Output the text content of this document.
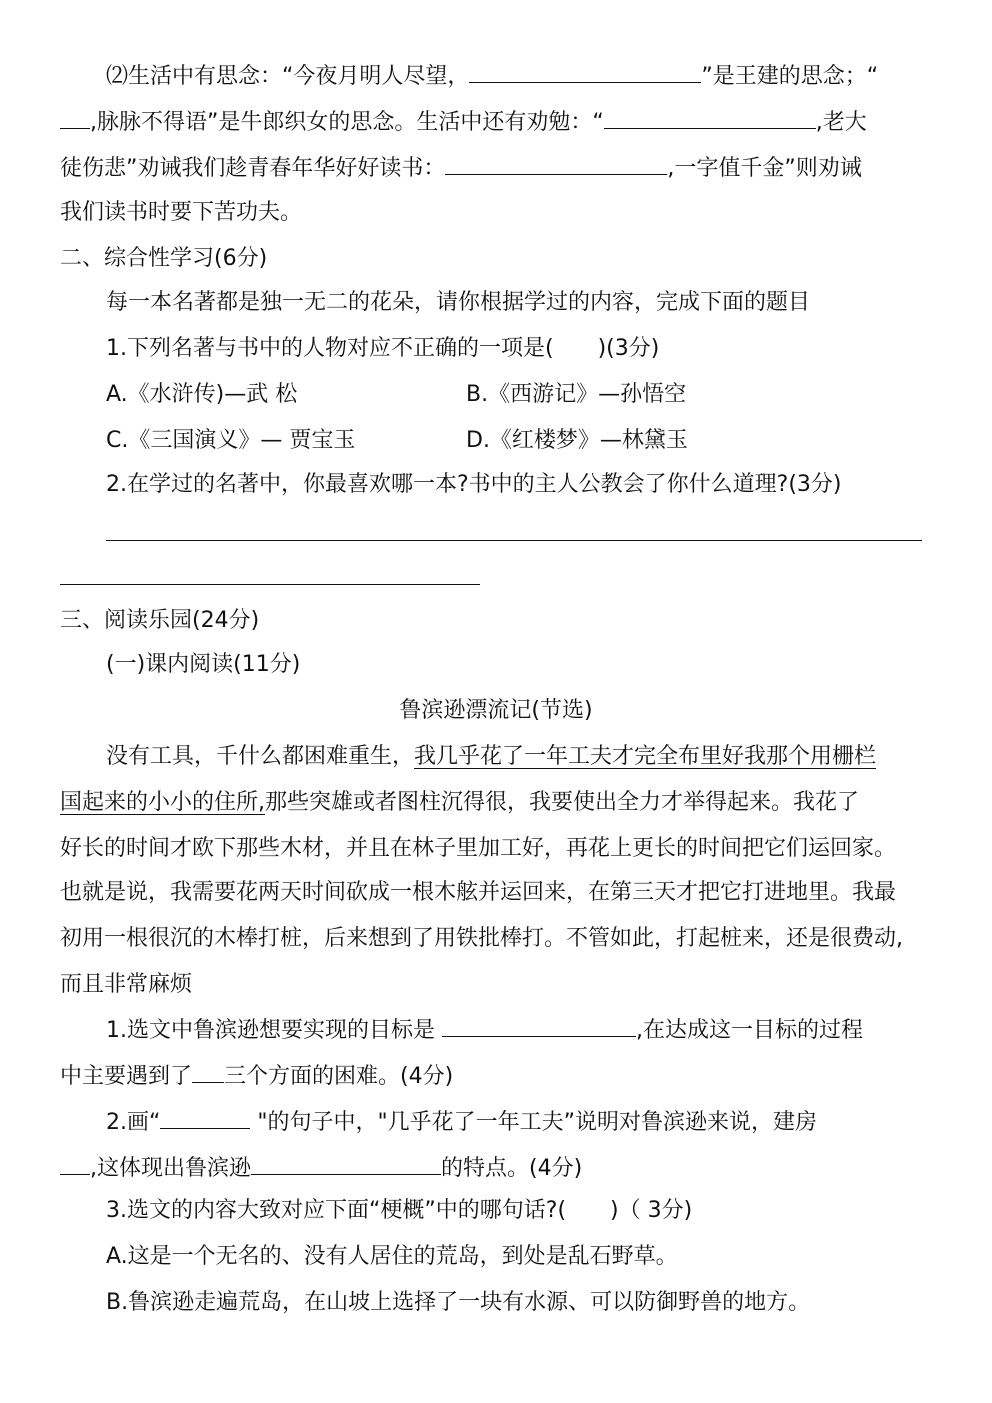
⑵生活中有思念：“今夜月明人尽望，	”是王建的思念；“
,脉脉不得语”是牛郎织女的思念。生活中还有劝勉：“	,老大
徒伤悲”劝诫我们趁青春年华好好读书：	,一字值千金”则劝诫
我们读书时要下苦功夫。
二、综合性学习(6分)
每一本名著都是独一无二的花朵，请你根据学过的内容，完成下面的题目
1.下列名著与书中的人物对应不正确的一项是(　　)(3分)
A.《水浒传)—武 松	B.《西游记》—孙悟空
C.《三国演义》— 贾宝玉	D.《红楼梦》—林黛玉
2.在学过的名著中，你最喜欢哪一本?书中的主人公教会了你什么道理?(3分)
三、阅读乐园(24分)
(一)课内阅读(11分)
鲁滨逊漂流记(节选)
没有工具，千什么都困难重生，我几乎花了一年工夫才完全布里好我那个用栅栏
国起来的小小的住所,那些突雄或者图柱沉得很，我要使出全力才举得起来。我花了
好长的时间才欧下那些木材，并且在林子里加工好，再花上更长的时间把它们运回家。
也就是说，我需要花两天时间砍成一根木舷并运回来，在第三天才把它打进地里。我最
初用一根很沉的木棒打桩，后来想到了用铁批棒打。不管如此，打起桩来，还是很费动,
而且非常麻烦
1.选文中鲁滨逊想要实现的目标是	,在达成这一目标的过程
中主要遇到了 三个方面的困难。(4分)
2.画“	"的句子中，"几乎花了一年工夫”说明对鲁滨逊来说，建房
,这体现出鲁滨逊	的特点。(4分)
3.选文的内容大致对应下面“梗概”中的哪句话?(　　)（ 3分)
A.这是一个无名的、没有人居住的荒岛，到处是乱石野草。
B.鲁滨逊走遍荒岛，在山坡上选择了一块有水源、可以防御野兽的地方。
